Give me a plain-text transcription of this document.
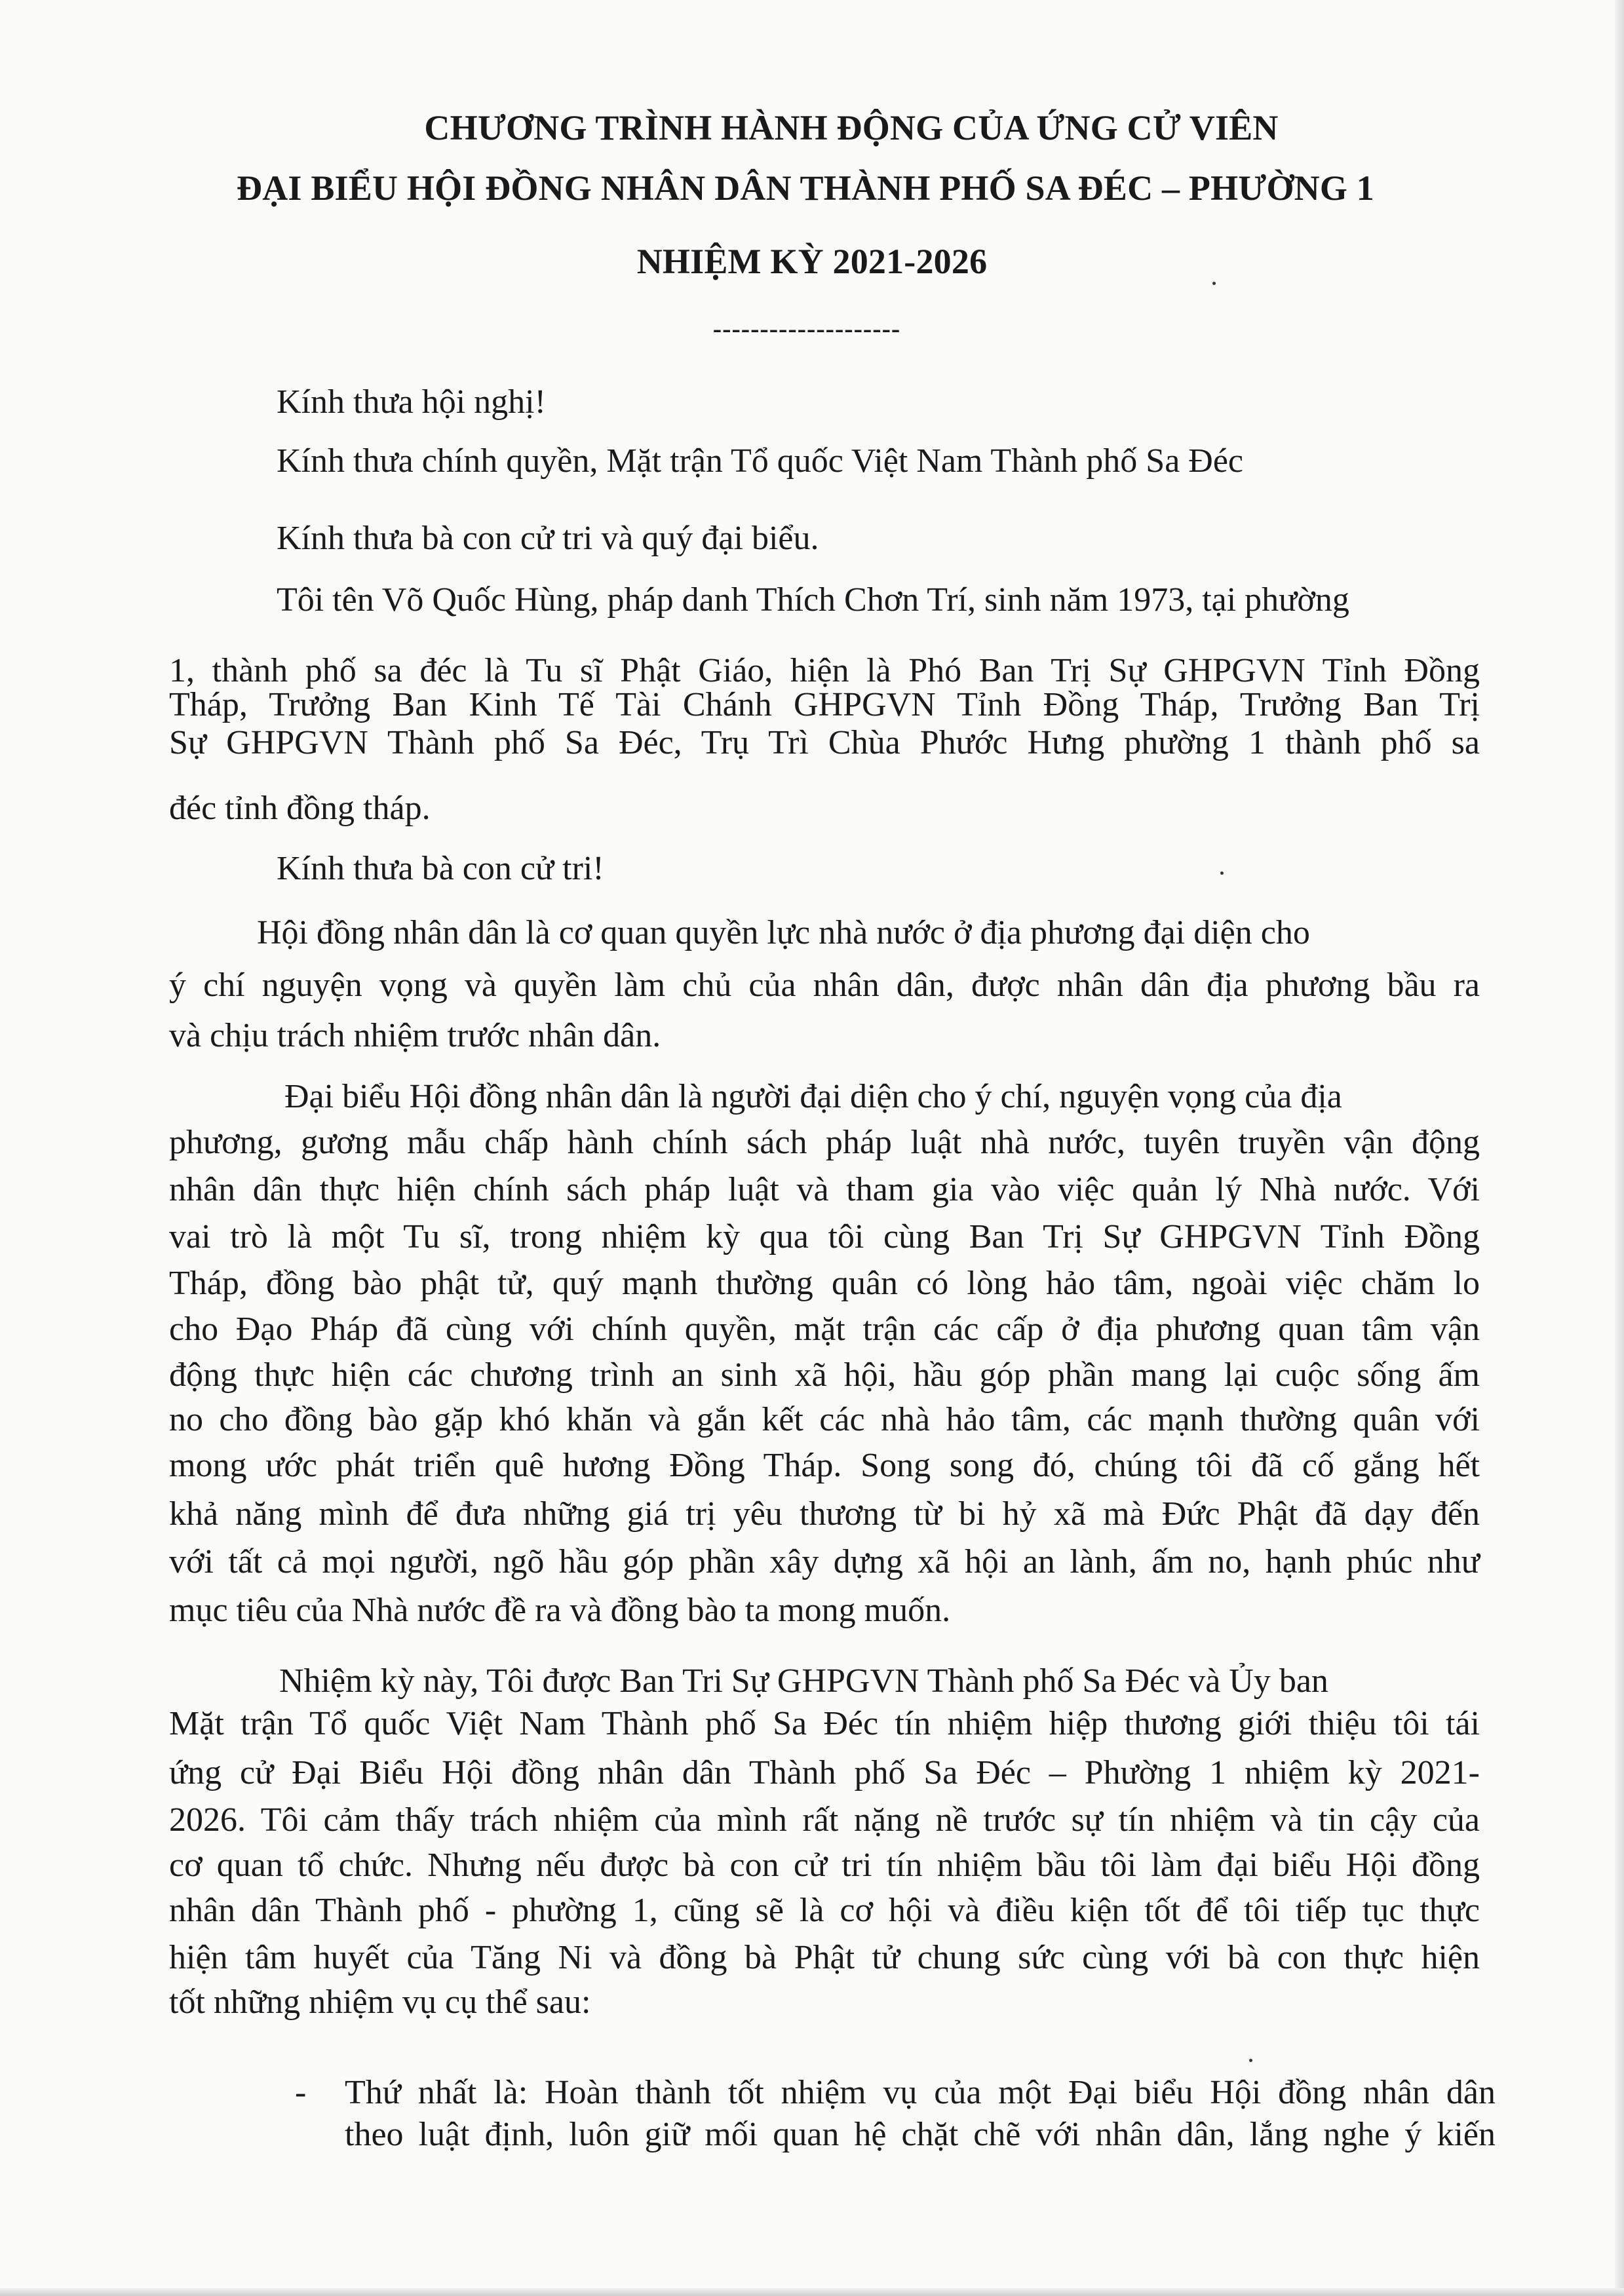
CHƯƠNG TRÌNH HÀNH ĐỘNG CỦA ỨNG CỬ VIÊN
ĐẠI BIỂU HỘI ĐỒNG NHÂN DÂN THÀNH PHỐ SA ĐÉC – PHƯỜNG 1
NHIỆM KỲ 2021-2026
--------------------
Kính thưa hội nghị!
Kính thưa chính quyền, Mặt trận Tổ quốc Việt Nam Thành phố Sa Đéc
Kính thưa bà con cử tri và quý đại biểu.
Tôi tên Võ Quốc Hùng, pháp danh Thích Chơn Trí, sinh năm 1973, tại phường
1, thành phố sa đéc là Tu sĩ Phật Giáo, hiện là Phó Ban Trị Sự GHPGVN Tỉnh Đồng
Tháp, Trưởng Ban Kinh Tế Tài Chánh GHPGVN Tỉnh Đồng Tháp, Trưởng Ban Trị
Sự GHPGVN Thành phố Sa Đéc, Trụ Trì Chùa Phước Hưng phường 1 thành phố sa
đéc tỉnh đồng tháp.
Kính thưa bà con cử tri!
Hội đồng nhân dân là cơ quan quyền lực nhà nước ở địa phương đại diện cho
ý chí nguyện vọng và quyền làm chủ của nhân dân, được nhân dân địa phương bầu ra
và chịu trách nhiệm trước nhân dân.
Đại biểu Hội đồng nhân dân là người đại diện cho ý chí, nguyện vọng của địa
phương, gương mẫu chấp hành chính sách pháp luật nhà nước, tuyên truyền vận động
nhân dân thực hiện chính sách pháp luật và tham gia vào việc quản lý Nhà nước. Với
vai trò là một Tu sĩ, trong nhiệm kỳ qua tôi cùng Ban Trị Sự GHPGVN Tỉnh Đồng
Tháp, đồng bào phật tử, quý mạnh thường quân có lòng hảo tâm, ngoài việc chăm lo
cho Đạo Pháp đã cùng với chính quyền, mặt trận các cấp ở địa phương quan tâm vận
động thực hiện các chương trình an sinh xã hội, hầu góp phần mang lại cuộc sống ấm
no cho đồng bào gặp khó khăn và gắn kết các nhà hảo tâm, các mạnh thường quân với
mong ước phát triển quê hương Đồng Tháp. Song song đó, chúng tôi đã cố gắng hết
khả năng mình để đưa những giá trị yêu thương từ bi hỷ xã mà Đức Phật đã dạy đến
với tất cả mọi người, ngõ hầu góp phần xây dựng xã hội an lành, ấm no, hạnh phúc như
mục tiêu của Nhà nước đề ra và đồng bào ta mong muốn.
Nhiệm kỳ này, Tôi được Ban Tri Sự GHPGVN Thành phố Sa Đéc và Ủy ban
Mặt trận Tổ quốc Việt Nam Thành phố Sa Đéc tín nhiệm hiệp thương giới thiệu tôi tái
ứng cử Đại Biểu Hội đồng nhân dân Thành phố Sa Đéc – Phường 1 nhiệm kỳ 2021-
2026. Tôi cảm thấy trách nhiệm của mình rất nặng nề trước sự tín nhiệm và tin cậy của
cơ quan tổ chức. Nhưng nếu được bà con cử tri tín nhiệm bầu tôi làm đại biểu Hội đồng
nhân dân Thành phố - phường 1, cũng sẽ là cơ hội và điều kiện tốt để tôi tiếp tục thực
hiện tâm huyết của Tăng Ni và đồng bà Phật tử chung sức cùng với bà con thực hiện
tốt những nhiệm vụ cụ thể sau:
- Thứ nhất là: Hoàn thành tốt nhiệm vụ của một Đại biểu Hội đồng nhân dân
theo luật định, luôn giữ mối quan hệ chặt chẽ với nhân dân, lắng nghe ý kiến
